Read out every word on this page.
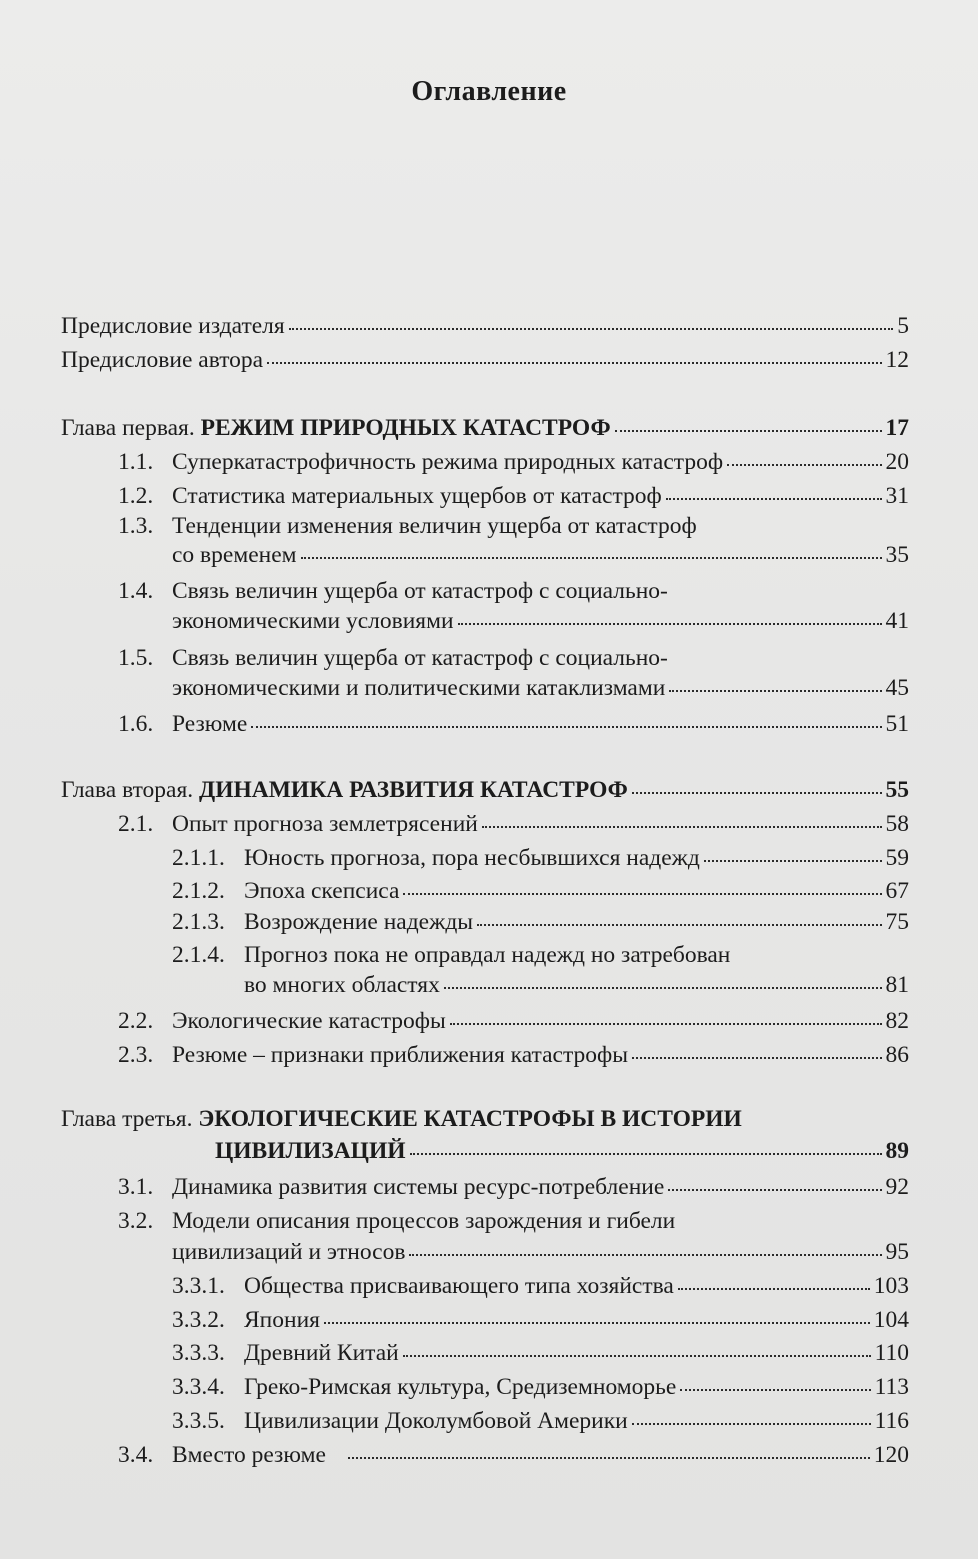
Оглавление
Предисловие издателя	5
Предисловие автора	12
Глава первая.
РЕЖИМ ПРИРОДНЫХ КАТАСТРОФ	17
1.1. Суперкатастрофичность режима природных катастроф	20
1.2. Статистика материальных ущербов от катастроф	31
1.3. Тенденции изменения величин ущерба от катастроф
со временем	35
1.4. Связь величин ущерба от катастроф с социально-
экономическими условиями	41
1.5. Связь величин ущерба от катастроф с социально-
экономическими и политическими катаклизмами	45
1.6. Резюме	51
Глава вторая.
ДИНАМИКА РАЗВИТИЯ КАТАСТРОФ	55
2.1. Опыт прогноза землетрясений	58
2.1.1. Юность прогноза, пора несбывшихся надежд	59
2.1.2. Эпоха скепсиса	67
2.1.3. Возрождение надежды	75
2.1.4. Прогноз пока не оправдал надежд но затребован
во многих областях	81
2.2. Экологические катастрофы	82
2.3. Резюме – признаки приближения катастрофы	86
Глава третья. ЭКОЛОГИЧЕСКИЕ КАТАСТРОФЫ В ИСТОРИИ
ЦИВИЛИЗАЦИЙ	89
3.1. Динамика развития системы ресурс-потребление	92
3.2. Модели описания процессов зарождения и гибели
цивилизаций и этносов	95
3.3.1. Общества присваивающего типа хозяйства	103
3.3.2. Япония	104
3.3.3. Древний Китай	110
3.3.4. Греко-Римская культура, Средиземноморье	113
3.3.5. Цивилизации Доколумбовой Америки	116
3.4. Вместо резюме	120
